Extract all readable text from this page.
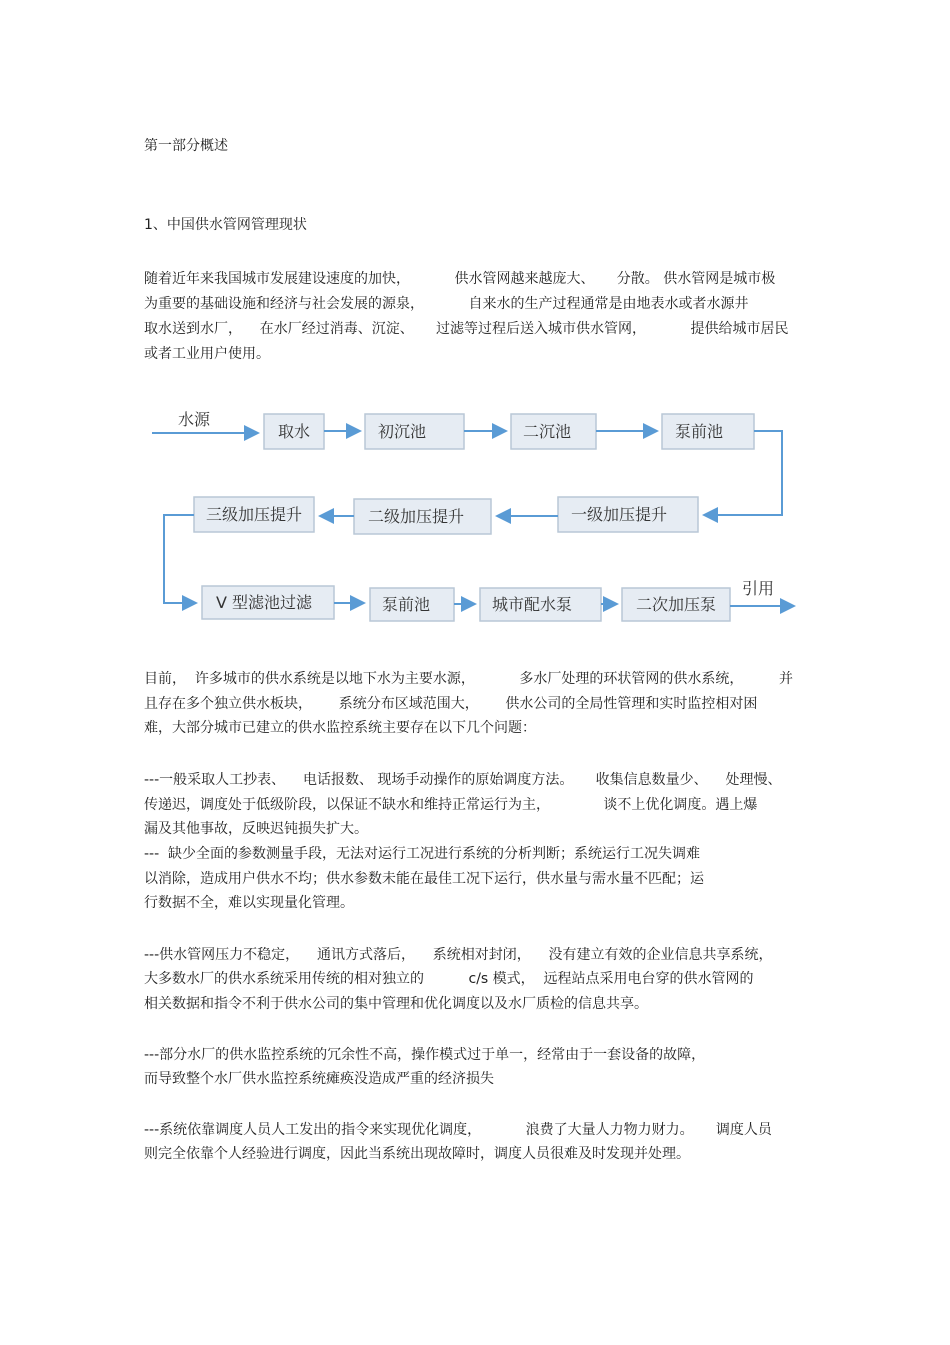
第一部分概述
1、中国供水管网管理现状
随着近年来我国城市发展建设速度的加快，          供水管网越来越庞大、     分散。 供水管网是城市极
为重要的基础设施和经济与社会发展的源泉，          自来水的生产过程通常是由地表水或者水源井
取水送到水厂，    在水厂经过消毒、沉淀、     过滤等过程后送入城市供水管网，          提供给城市居民
或者工业用户使用。
水源
引用
取水	初沉池	二沉池	泵前池
三级加压提升	二级加压提升	一级加压提升
V 型滤池过滤	泵前池	城市配水泵	二次加压泵
目前，  许多城市的供水系统是以地下水为主要水源，          多水厂处理的环状管网的供水系统，        并
且存在多个独立供水板块，      系统分布区域范围大，      供水公司的全局性管理和实时监控相对困
难，大部分城市已建立的供水监控系统主要存在以下几个问题：
---一般采取人工抄表、    电话报数、 现场手动操作的原始调度方法。     收集信息数量少、    处理慢、
传递迟，调度处于低级阶段，以保证不缺水和维持正常运行为主，            谈不上优化调度。遇上爆
漏及其他事故，反映迟钝损失扩大。
---  缺少全面的参数测量手段，无法对运行工况进行系统的分析判断；系统运行工况失调难
以消除，造成用户供水不均；供水参数未能在最佳工况下运行，供水量与需水量不匹配；运
行数据不全，难以实现量化管理。
---供水管网压力不稳定，    通讯方式落后，    系统相对封闭，    没有建立有效的企业信息共享系统，
大多数水厂的供水系统采用传统的相对独立的          c/s 模式，  远程站点采用电台穿的供水管网的
相关数据和指令不利于供水公司的集中管理和优化调度以及水厂质检的信息共享。
---部分水厂的供水监控系统的冗余性不高，操作模式过于单一，经常由于一套设备的故障，
而导致整个水厂供水监控系统瘫痪没造成严重的经济损失
---系统依靠调度人员人工发出的指令来实现优化调度，          浪费了大量人力物力财力。     调度人员
则完全依靠个人经验进行调度，因此当系统出现故障时，调度人员很难及时发现并处理。
